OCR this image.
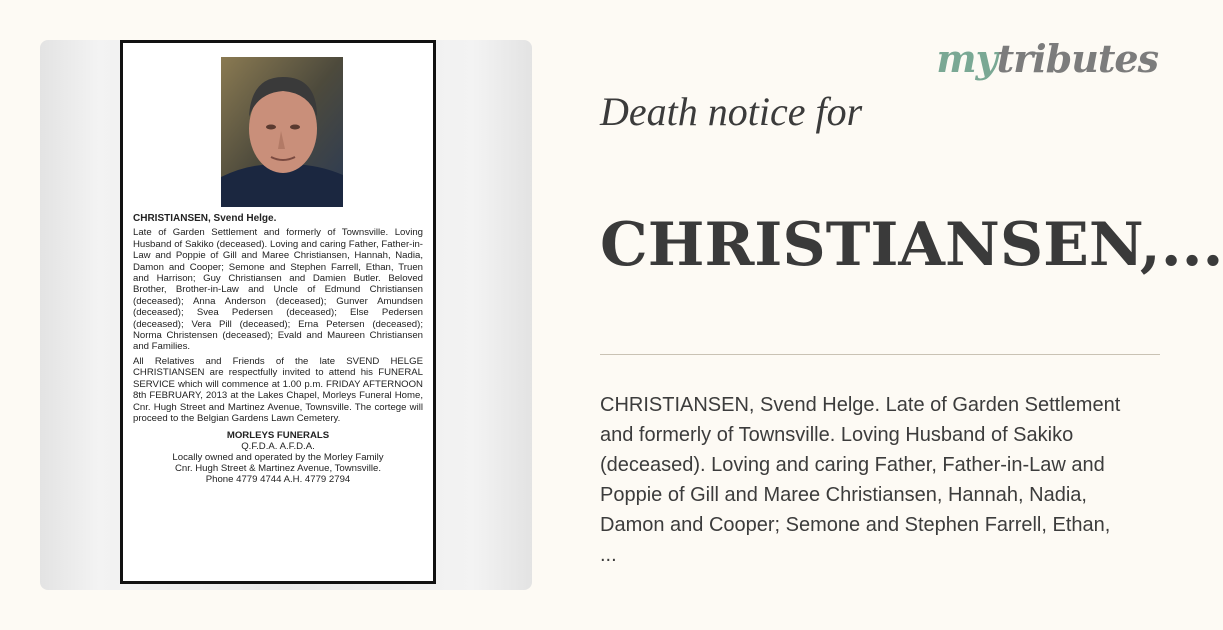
CHRISTIANSEN, Svend Helge.

Late of Garden Settlement and formerly of Townsville. Loving Husband of Sakiko (deceased). Loving and caring Father, Father-in-Law and Poppie of Gill and Maree Christiansen, Hannah, Nadia, Damon and Cooper; Semone and Stephen Farrell, Ethan, Truen and Harrison; Guy Christiansen and Damien Butler. Beloved Brother, Brother-in-Law and Uncle of Edmund Christiansen (deceased); Anna Anderson (deceased); Gunver Amundsen (deceased); Svea Pedersen (deceased); Else Pedersen (deceased); Vera Pill (deceased); Erna Petersen (deceased); Norma Christensen (deceased); Evald and Maureen Christiansen and Families.

All Relatives and Friends of the late SVEND HELGE CHRISTIANSEN are respectfully invited to attend his FUNERAL SERVICE which will commence at 1.00 p.m. FRIDAY AFTERNOON 8th FEBRUARY, 2013 at the Lakes Chapel, Morleys Funeral Home, Cnr. Hugh Street and Martinez Avenue, Townsville. The cortege will proceed to the Belgian Gardens Lawn Cemetery.

MORLEYS FUNERALS
Q.F.D.A. A.F.D.A.
Locally owned and operated by the Morley Family
Cnr. Hugh Street & Martinez Avenue, Townsville.
Phone 4779 4744 A.H. 4779 2794
mytributes
Death notice for
CHRISTIANSEN,...
CHRISTIANSEN, Svend Helge. Late of Garden Settlement
and formerly of Townsville. Loving Husband of Sakiko
(deceased). Loving and caring Father, Father-in-Law and
Poppie of Gill and Maree Christiansen, Hannah, Nadia,
Damon and Cooper; Semone and Stephen Farrell, Ethan,
...
